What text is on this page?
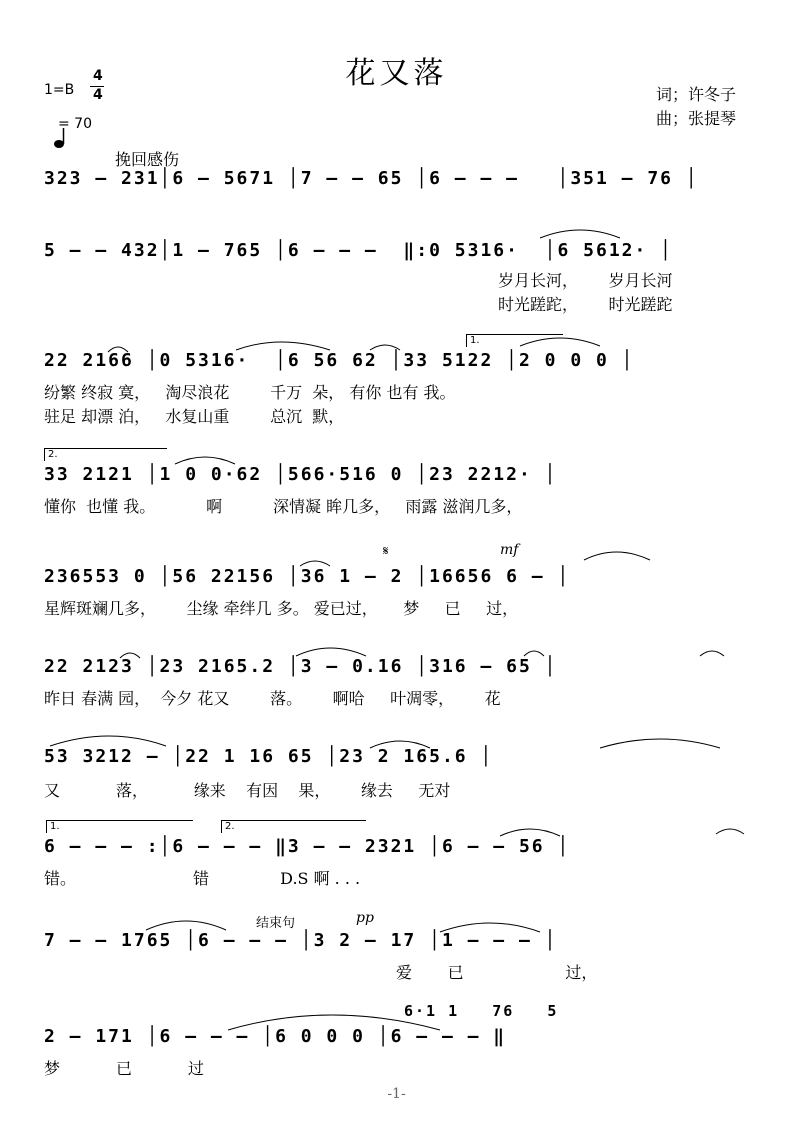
花又落
1=B
4
4

= 70
词；许冬子
曲；张提琴
挽回感伤
323 – 231│6 – 5671 │7 – – 65 │6 – – –   │351 – 76 │
5 – – 432│1 – 765 │6 – – –  ‖:0 5316·  │6 5612· │
岁月长河，      岁月长河
时光蹉跎，      时光蹉跎
1.
22 2166 │0 5316·  │6 56 62 │33 5122 │2 0 0 0 │
纷繁 终寂 寞，   淘尽浪花        千万  朵， 有你 也有 我。
驻足 却漂 泊，   水复山重        总沉  默，
2.
33 2121 │1 0 0·62 │566·516 0 │23 2212· │
懂你  也懂 我。          啊          深情凝 眸几多，   雨露 滋润几多，
𝄋	mf
236553 0 │56 22156 │36 1 – 2 │16656 6 – │
星辉斑斓几多，      尘缘 牵绊几 多。 爱已过，     梦     已     过，
22 2123 │23 2165.2 │3 – 0.16 │316 – 65 │
昨日 春满 园，  今夕 花又        落。      啊哈     叶凋零，      花
53 3212 – │22 1 16 65 │23 2 165.6 │
又           落，         缘来    有因    果，      缘去     无对
1.	2.
6 – – – :│6 – – – ‖3 – – 2321 │6 – – 56 │
错。                       错              D.S 啊 . . .
结束句	pp
7 – – 1765 │6 – – – │3 2 – 17 │1 – – – │
爱       已                    过，
6·1 1   76   5
2 – 171 │6 – – – │6 0 0 0 │6 – – – ‖
梦           已           过
-1-
